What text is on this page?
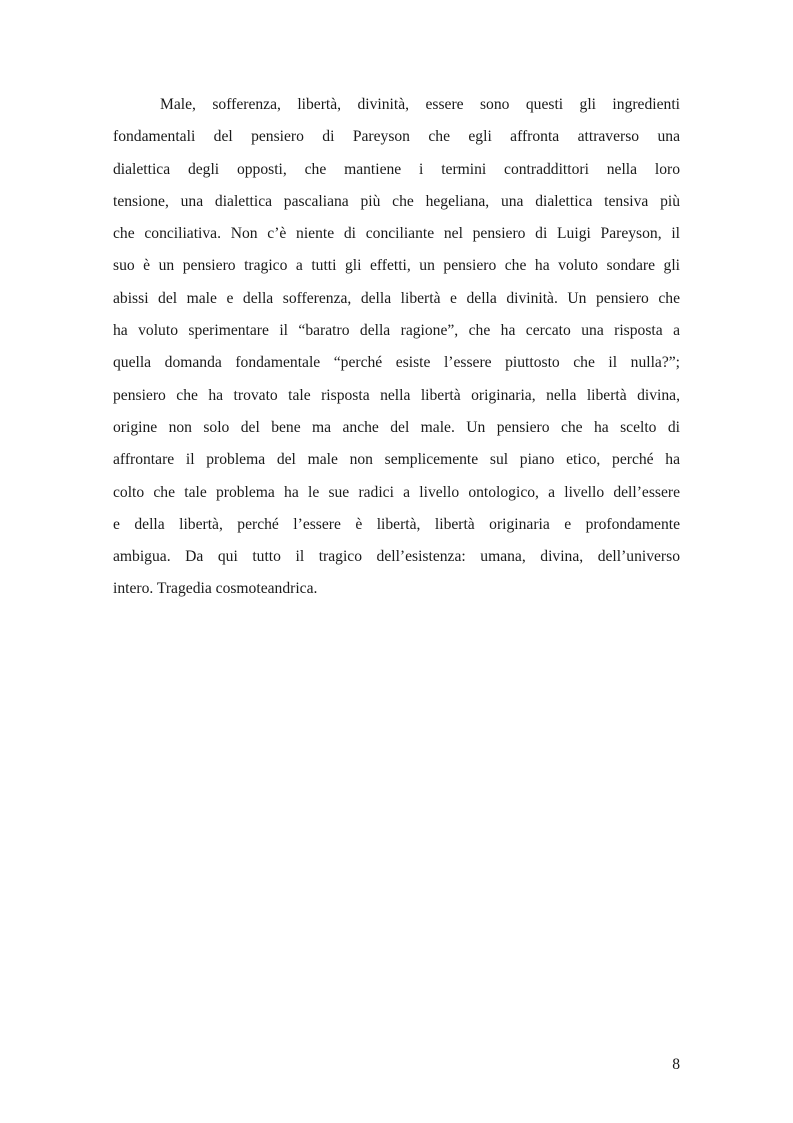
Male, sofferenza, libertà, divinità, essere sono questi gli ingredienti
fondamentali del pensiero di Pareyson che egli affronta attraverso una
dialettica degli opposti, che mantiene i termini contraddittori nella loro
tensione, una dialettica pascaliana più che hegeliana, una dialettica tensiva più
che conciliativa. Non c’è niente di conciliante nel pensiero di Luigi Pareyson, il
suo è un pensiero tragico a tutti gli effetti, un pensiero che ha voluto sondare gli
abissi del male e della sofferenza, della libertà e della divinità. Un pensiero che
ha voluto sperimentare il “baratro della ragione”, che ha cercato una risposta a
quella domanda fondamentale “perché esiste l’essere piuttosto che il nulla?”;
pensiero che ha trovato tale risposta nella libertà originaria, nella libertà divina,
origine non solo del bene ma anche del male. Un pensiero che ha scelto di
affrontare il problema del male non semplicemente sul piano etico, perché ha
colto che tale problema ha le sue radici a livello ontologico, a livello dell’essere
e della libertà, perché l’essere è libertà, libertà originaria e profondamente
ambigua. Da qui tutto il tragico dell’esistenza: umana, divina, dell’universo
intero. Tragedia cosmoteandrica.
8
